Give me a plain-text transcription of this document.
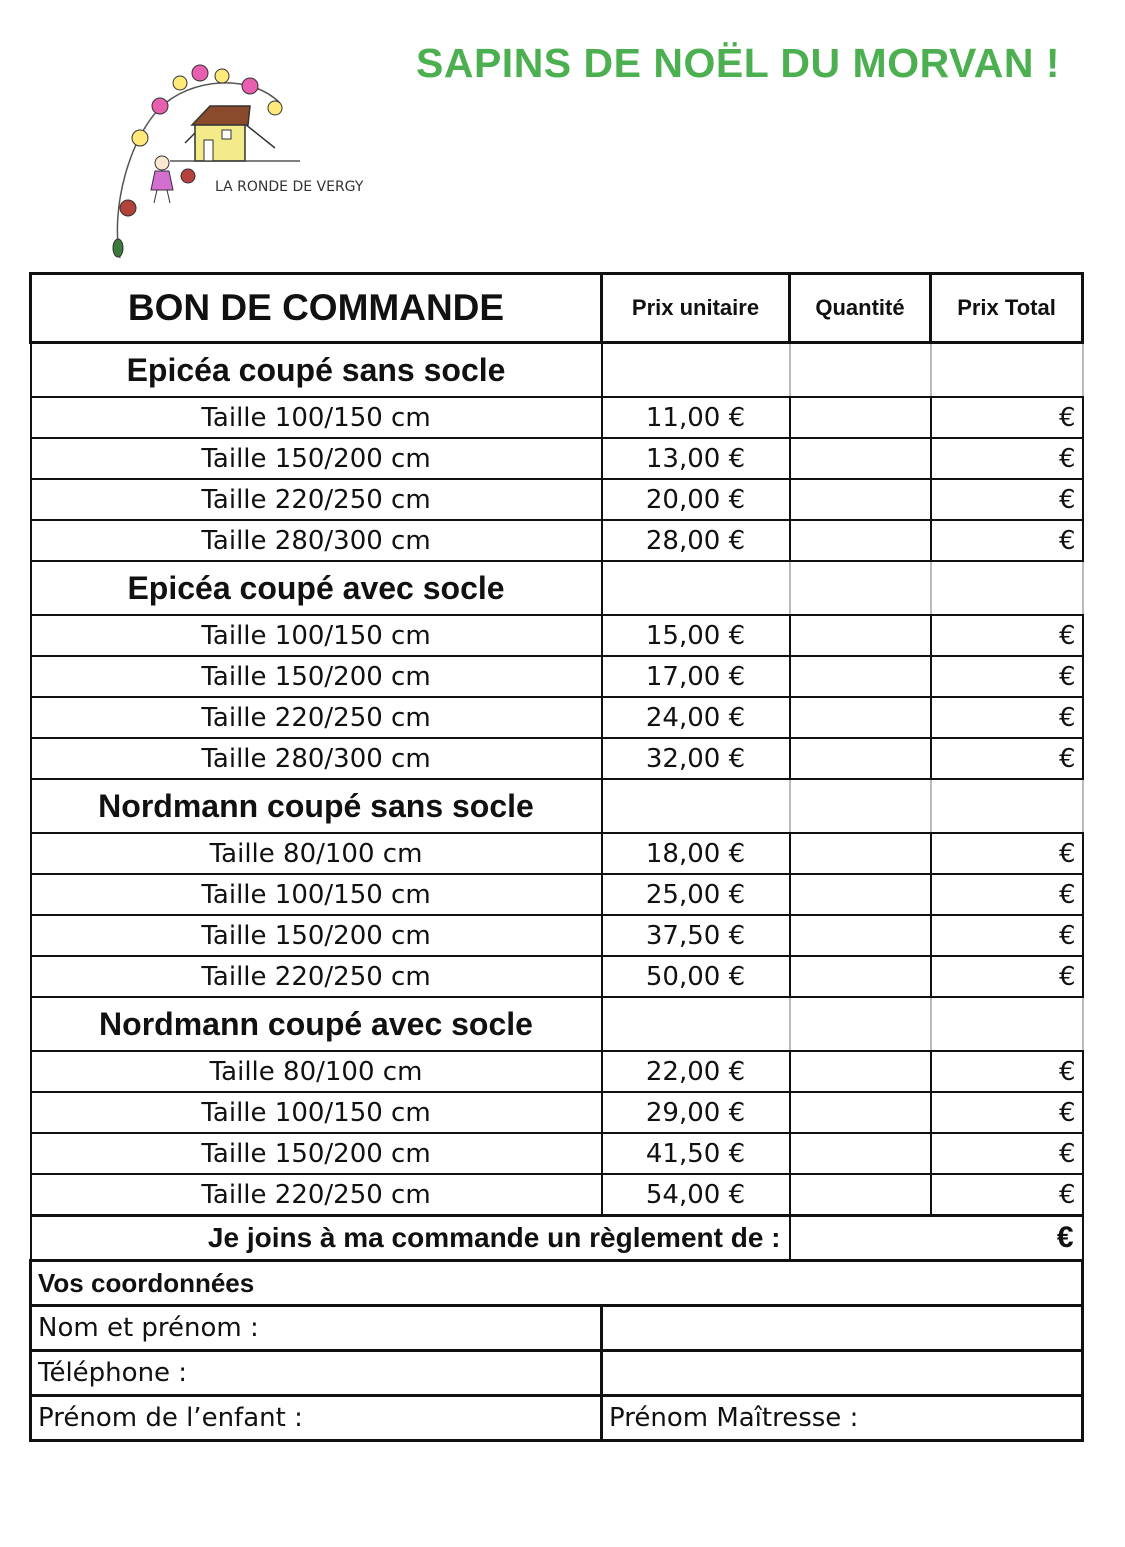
SAPINS DE NOËL DU MORVAN !
LA RONDE DE VERGY
BON DE COMMANDE	Prix unitaire	Quantité	Prix Total
Epicéa coupé sans socle			
Taille 100/150 cm	11,00 €		€
Taille 150/200 cm	13,00 €		€
Taille 220/250 cm	20,00 €		€
Taille 280/300 cm	28,00 €		€
Epicéa coupé avec socle			
Taille 100/150 cm	15,00 €		€
Taille 150/200 cm	17,00 €		€
Taille 220/250 cm	24,00 €		€
Taille 280/300 cm	32,00 €		€
Nordmann coupé sans socle			
Taille 80/100 cm	18,00 €		€
Taille 100/150 cm	25,00 €		€
Taille 150/200 cm	37,50 €		€
Taille 220/250 cm	50,00 €		€
Nordmann coupé avec socle			
Taille 80/100 cm	22,00 €		€
Taille 100/150 cm	29,00 €		€
Taille 150/200 cm	41,50 €		€
Taille 220/250 cm	54,00 €		€
Je joins à ma commande un règlement de :		€	
Vos coordonnées			
Nom et prénom :			
Téléphone :			
Prénom de l’enfant :	Prénom Maîtresse :		
